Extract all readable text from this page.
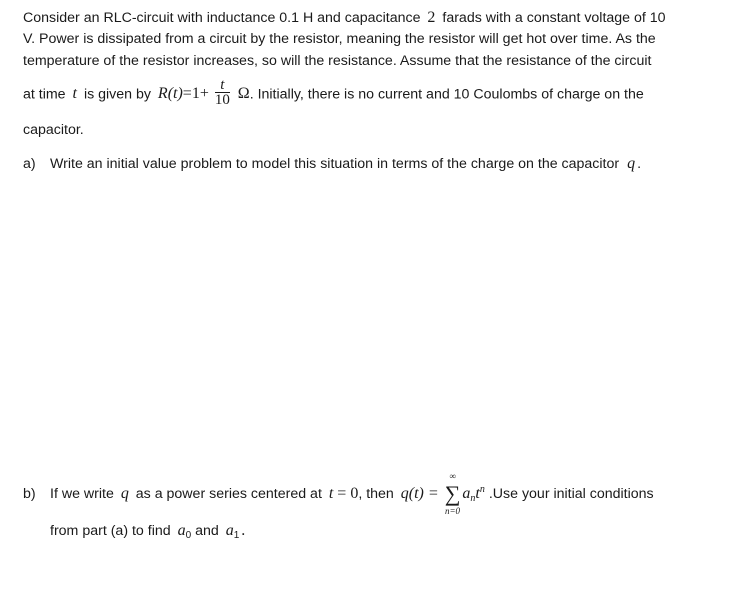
Consider an RLC-circuit with inductance 0.1 H and capacitance 2 farads with a constant voltage of 10
V. Power is dissipated from a circuit by the resistor, meaning the resistor will get hot over time. As the
temperature of the resistor increases, so will the resistance. Assume that the resistance of the circuit
at time t is given by $R(t)=1+ \frac{t}{10} \Omega$. Initially, there is no current and 10 Coulombs of charge on the
capacitor.
a) Write an initial value problem to model this situation in terms of the charge on the capacitor q .
b) If we write q as a power series centered at t = 0, then q(t) =
∞
∑
n=0
ant$^n$ .Use your initial conditions
from part (a) to find $a_0$ and $a_1$ .
